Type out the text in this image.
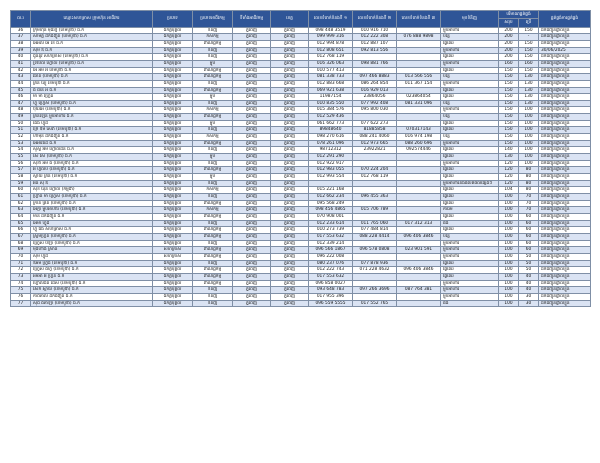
ល.រ	ឈ្មោះសហគ្រាស ក្រុមហ៊ុន អាជីវករ	ប្រភេទ	ប្រភេទអាជីវកម្ម	ទីតាំងអាជីវកម្ម	ខេត្ត	លេខទំនាក់ទំនងទី ១	លេខទំនាក់ទំនងទី ២	លេខទំនាក់ទំនងទី ៣	មុខទំនិញ	បរិមាណផ្គត់ផ្គង់		ផ្គត់ផ្គង់ការផ្គត់ផ្គង់
										សរុប	ប្រើ	
36	ក្រុមហ៊ុន ម៉ុងរឹទ្ធី (ខេមបូឌា) ឯ.ក	ឯកត្តបុគ្គល	ទំនិញ	ភ្នំពេញ	ភ្នំពេញ	098 448 3519	010 916 710		ម្ហូបអាហារ	200	150	ដឹកជញ្ជូនផ្ទាល់ខ្លួន
37	សាមគ្គី ដឹកជញ្ជូន (ខេមបូឌា) ឯ.ក	ឯកត្តបុគ្គល	កសិកម្ម	ភ្នំពេញ	ភ្នំពេញ	099 999 316	012 222 308	076 888 9898	បន្លែ	200	-	ដឹកជញ្ជូនផ្ទាល់ខ្លួន
38	អេអិល អេ ខេ ឯ.ក	ឯកត្តបុគ្គល	ពាណិជ្ជកម្ម	ភ្នំពេញ	ភ្នំពេញ	012 994 878	012 887 107		ផ្លែឈើ	200	150	ដឹកជញ្ជូនផ្ទាល់ខ្លួន
39	ស៊ីម ឌី ឯ.ក	ឯកត្តបុគ្គល	ទំនិញ	ភ្នំពេញ	ភ្នំពេញ	012 808 651	092 813 556		ម្ហូបអាហារ	200	150	30/06/2025
40	ជូននូវ សហគ្រាស (ខេមបូឌា) ឯ.ក	ឯកត្តបុគ្គល	ទំនិញ	ភ្នំពេញ	ភ្នំពេញ	012 768 119			ផ្លែឈើ	200	150	ដឹកជញ្ជូនផ្ទាល់ខ្លួន
41	ទ្រីប៊ែល ហ្គោល (ខេមបូឌា) ឯ.ក	ឯកត្តបុគ្គល	ម្ហូប	ភ្នំពេញ	ភ្នំពេញ	016 326 063	098 881 766		ម្ហូបអាហារ	160	160	ដឹកជញ្ជូនផ្ទាល់ខ្លួន
42	អេ អិម អ៊ី ខេមបូឌា ឯ.ក	ឯកត្តបុគ្គល	ពាណិជ្ជកម្ម	ភ្នំពេញ	ភ្នំពេញ	010 577 413			ផ្លែឈើ	150	150	ដឹកជញ្ជូនផ្ទាល់ខ្លួន
43	វីឆាន (ខេមបូឌា) ឯ.ក	ឯកត្តបុគ្គល	ពាណិជ្ជកម្ម	ភ្នំពេញ	ភ្នំពេញ	081 338 733	097 466 8883	013 566 556	បន្លែ	150	130	ដឹកជញ្ជូនផ្ទាល់ខ្លួន
44	គ្រីន ឃ្យូ ខេមបូឌា ឯ.ក	ឯកត្តបុគ្គល	ទំនិញ	ភ្នំពេញ	ភ្នំពេញ	012 883 668	086 264 854	011 367 154	ម្ហូបអាហារ	150	130	ដឹកជញ្ជូនផ្ទាល់ខ្លួន
45	ធី ធាន អិ ឯ.ក	ឯកត្តបុគ្គល	ពាណិជ្ជកម្ម	ភ្នំពេញ	ភ្នំពេញ	069 921 638	016 929 013		ផ្លែឈើ	150	130	ដឹកជញ្ជូនផ្ទាល់ខ្លួន
46	ម៉ា ម៉ា ហ្គ្រេន	ឯកត្តបុគ្គល	ម្ហូប	ភ្នំពេញ	ភ្នំពេញ	11987154	23864056	023864054	ផ្លែឈើ	150	130	ដឹកជញ្ជូនផ្ទាល់ខ្លួន
47	ហ្គូ ហ្វ្រេស (ខេមបូឌា) ឯ.ក	ឯកត្តបុគ្គល	ទំនិញ	ភ្នំពេញ	ភ្នំពេញ	010 835 550	077 992 408	081 331 096	បន្លែ	150	130	ដឹកជញ្ជូនផ្ទាល់ខ្លួន
48	ប៊ុយអេ (ខេមបូឌា) ឯ.ក	ឯកត្តបុគ្គល	កសិកម្ម	ភ្នំពេញ	ភ្នំពេញ	015 384 576	095 800 030		ម្ហូបអាហារ	150	100	ដឹកជញ្ជូនផ្ទាល់ខ្លួន
49	គ្រីនឡេន ម្ហូបអាហារ ឯ.ក	ឯកត្តបុគ្គល	ពាណិជ្ជកម្ម	ភ្នំពេញ	ភ្នំពេញ	012 529 436			បន្លែ	150	100	ដឹកជញ្ជូនផ្ទាល់ខ្លួន
50	ងេង ហ្វូដ	ឯកត្តបុគ្គល	ម្ហូប	ភ្នំពេញ	ភ្នំពេញ	061 662 773	077 622 273		ផ្លែឈើ	150	100	ដឹកជញ្ជូនផ្ទាល់ខ្លួន
51	ក្រេ ឌីម សេវ៉ា (ខេមបូឌា) ឯ.ក	ឯកត្តបុគ្គល	ទំនិញ	ភ្នំពេញ	ភ្នំពេញ	89848640	81885858	070317143	ផ្លែឈើ	150	100	ដឹកជញ្ជូនផ្ទាល់ខ្លួន
52	ហាមុនី ដឹកជញ្ជូន ឯ.ក	ឯកត្តបុគ្គល	កសិកម្ម	ភ្នំពេញ	ភ្នំពេញ	098 270 616	088 241 4060	016 974 198	បន្លែ	150	100	ដឹកជញ្ជូនផ្ទាល់ខ្លួន
53	អេអាវិនដ៍ ឯ.ក	ឯកត្តបុគ្គល	ពាណិជ្ជកម្ម	ភ្នំពេញ	ភ្នំពេញ	078 261 096	012 973 665	088 260 696	ម្ហូបអាហារ	150	100	ដឹកជញ្ជូនផ្ទាល់ខ្លួន
54	សួស្តី អ៊ីម ហ្គោលដិន ឯ.ក	ឯកត្តបុគ្គល	ទំនិញ	ភ្នំពេញ	ភ្នំពេញ	98712312	23922821	092574446	ផ្លែឈើ	140	100	ដឹកជញ្ជូនផ្ទាល់ខ្លួន
55	សេ វីស (ខេមបូឌា) ឯ.ក	ឯកត្តបុគ្គល	ម្ហូប	ភ្នំពេញ	ភ្នំពេញ	012 291 290			ផ្លែឈើ	130	100	ដឹកជញ្ជូនផ្ទាល់ខ្លួន
56	សុខា អឹម ធី (ខេមបូឌា) ឯ.ក	ឯកត្តបុគ្គល	ទំនិញ	ភ្នំពេញ	ភ្នំពេញ	012 922 917			ម្ហូបអាហារ	120	100	ដឹកជញ្ជូនផ្ទាល់ខ្លួន
57	អ៊ី ហ្វីលីប (ខេមបូឌា) ឯ.ក	ឯកត្តបុគ្គល	ពាណិជ្ជកម្ម	ភ្នំពេញ	ភ្នំពេញ	012 983 055	070 224 204		ផ្លែឈើ	120	80	ដឹកជញ្ជូនផ្ទាល់ខ្លួន
58	ស្កាយ គ្រីន (ខេមបូឌា) ឯ.ក	ឯកត្តបុគ្គល	ម្ហូប	ភ្នំពេញ	ភ្នំពេញ	012 993 554	012 768 119		ផ្លែឈើ	120	80	ដឹកជញ្ជូនផ្ទាល់ខ្លួន
59	អ៊ិន ស៊ី ឌី	ឯកត្តបុគ្គល	ទំនិញ	ភ្នំពេញ	ភ្នំពេញ				ម្ហូបអាហារនិងផលិតផលផ្សេងៗ	120	80	ដឹកជញ្ជូនផ្ទាល់ខ្លួន
60	សុខ ឃុន ហ្គោល (កម្ពុជា)	ឯកត្តបុគ្គល	កសិកម្ម	ភ្នំពេញ	ភ្នំពេញ	015 221 168			ផ្លែឈើ	104	80	ដឹកជញ្ជូនផ្ទាល់ខ្លួន
61	ហ្គ្រាន ម៉ា ហ្វ្រេស (ខេមបូឌា) ឯ.ក	ឯកត្តបុគ្គល	ទំនិញ	ភ្នំពេញ	ភ្នំពេញ	012 662 234	096 455 363		ផ្លែឈើ	100	70	ដឹកជញ្ជូនផ្ទាល់ខ្លួន
62	ក្រាន់ គ្រីន (ខេមបូឌា) ឯ.ក	ឯកត្តបុគ្គល	ពាណិជ្ជកម្ម	ភ្នំពេញ	ភ្នំពេញ	095 568 249			ផ្លែឈើ	100	70	ដឹកជញ្ជូនផ្ទាល់ខ្លួន
63	អេក្កា ម្ហូបអាហារ (ខេមបូឌា) ឯ.ក	ឯកត្តបុគ្គល	កសិកម្ម	ភ្នំពេញ	ភ្នំពេញ	098 456 4865	015 706 789		ការ៉េម	100	70	ដឹកជញ្ជូនផ្ទាល់ខ្លួន
64	ម៉ាន់ ដឹកជញ្ជូន ឯ.ក	ឯកត្តបុគ្គល	ពាណិជ្ជកម្ម	ភ្នំពេញ	ភ្នំពេញ	070 908 001			ផ្លែឈើ	100	60	ដឹកជញ្ជូនផ្ទាល់ខ្លួន
65	អេម៉ា ហ្វូដ	ឯកត្តបុគ្គល	ទំនិញ	ភ្នំពេញ	ភ្នំពេញ	012 233 614	011 765 060	017 312 313	ផង	100	60	ដឹកជញ្ជូនផ្ទាល់ខ្លួន
66	ហ្គូ ធឹង សហគ្រាស ឯ.ក	ឯកត្តបុគ្គល	ពាណិជ្ជកម្ម	ភ្នំពេញ	ភ្នំពេញ	010 273 739	077 484 814		ផ្លែឈើ	100	60	ដឹកជញ្ជូនផ្ទាល់ខ្លួន
67	ស្ទ្រីមហ្គ្រីន (ខេមបូឌា) ឯ.ក	ឯកត្តបុគ្គល	ពាណិជ្ជកម្ម	ភ្នំពេញ	ភ្នំពេញ	017 553 632	088 228 4414	096 406 3846	បន្លែ	100	60	ដឹកជញ្ជូនផ្ទាល់ខ្លួន
68	ហ្វ្រេស ប៊ីឡា (ខេមបូឌា) ឯ.ក	ឯកត្តបុគ្គល	ទំនិញ	ភ្នំពេញ	ភ្នំពេញ	012 339 214			ម្ហូបអាហារ	100	60	ដឹកជញ្ជូនផ្ទាល់ខ្លួន
69	ម៉ុងហ៊ាង ស្រ៊ាន់	សហគ្រាស	ពាណិជ្ជកម្ម	ភ្នំពេញ	ភ្នំពេញ	096 566 1867	096 578 0808	023 901 591	ម្ហូបអាហារ	100	60	ដឹកជញ្ជូនផ្ទាល់ខ្លួន
70	ស៊ីម ហ្វូដ	សហគ្រាស	ពាណិជ្ជកម្ម	ភ្នំពេញ	ភ្នំពេញ	096 222 008			ម្ហូបអាហារ	100	50	ដឹកជញ្ជូនផ្ទាល់ខ្លួន
71	ឌីអឹម ហ្វ្រ៊ីដ (ខេមបូឌា) ឯ.ក	ឯកត្តបុគ្គល	ទំនិញ	ភ្នំពេញ	ភ្នំពេញ	080 237 076	077 878 936		ផ្លែឈើ	100	50	ដឹកជញ្ជូនផ្ទាល់ខ្លួន
72	ហ្វ្រេស ធីហ្វី (ខេមបូឌា) ឯ.ក	ឯកត្តបុគ្គល	ពាណិជ្ជកម្ម	ភ្នំពេញ	ភ្នំពេញ	012 222 743	071 228 4632	096 406 3846	ផ្លែឈើ	100	50	ដឹកជញ្ជូនផ្ទាល់ខ្លួន
73	អិមអា អ៊ី ហ្គ្រីន ឯ.ក	ឯកត្តបុគ្គល	ពាណិជ្ជកម្ម	ភ្នំពេញ	ភ្នំពេញ	017 553 632			ផ្លែឈើ	100	40	ដឹកជញ្ជូនផ្ទាល់ខ្លួន
74	ហ្គោលដិន ដេស (ខេមបូឌា) ឯ.ក	ឯកត្តបុគ្គល	ពាណិជ្ជកម្ម	ភ្នំពេញ	ភ្នំពេញ	096 858 0027			ម្ហូបអាហារ	100	40	ដឹកជញ្ជូនផ្ទាល់ខ្លួន
75	សេក ស្កាយ (ខេមបូឌា) ឯ.ក	ឯកត្តបុគ្គល	ទំនិញ	ភ្នំពេញ	ភ្នំពេញ	093 648 783	097 266 3696	087 764 381	ម្ហូបអាហារ	100	40	ដឹកជញ្ជូនផ្ទាល់ខ្លួន
76	កាពិតាល ដឹកជញ្ជូន ឯ.ក	ឯកត្តបុគ្គល	ទំនិញ	ភ្នំពេញ	ភ្នំពេញ	017 955 396			ម្ហូបអាហារ	100	30	ដឹកជញ្ជូនផ្ទាល់ខ្លួន
77	ស៊ីជី ធីតាឡា (ខេមបូឌា) ឯ.ក	ឯកត្តបុគ្គល	ទំនិញ	ភ្នំពេញ	ភ្នំពេញ	096 559 5555	017 552 765		ផង	100	30	ដឹកជញ្ជូនផ្ទាល់ខ្លួន
